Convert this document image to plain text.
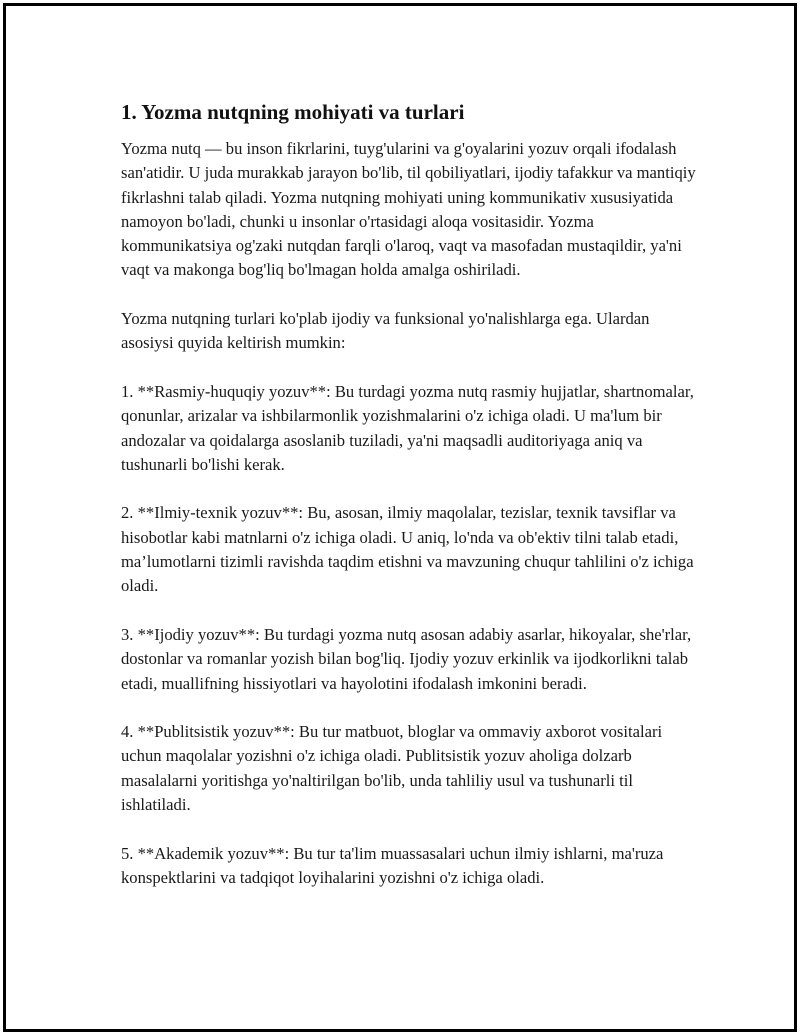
1. Yozma nutqning mohiyati va turlari

Yozma nutq — bu inson fikrlarini, tuyg'ularini va g'oyalarini yozuv orqali ifodalash san'atidir. U juda murakkab jarayon bo'lib, til qobiliyatlari, ijodiy tafakkur va mantiqiy fikrlashni talab qiladi. Yozma nutqning mohiyati uning kommunikativ xususiyatida namoyon bo'ladi, chunki u insonlar o'rtasidagi aloqa vositasidir. Yozma kommunikatsiya og'zaki nutqdan farqli o'laroq, vaqt va masofadan mustaqildir, ya'ni vaqt va makonga bog'liq bo'lmagan holda amalga oshiriladi.

Yozma nutqning turlari ko'plab ijodiy va funksional yo'nalishlarga ega. Ulardan asosiysi quyida keltirish mumkin:

1. **Rasmiy-huquqiy yozuv**: Bu turdagi yozma nutq rasmiy hujjatlar, shartnomalar, qonunlar, arizalar va ishbilarmonlik yozishmalarini o'z ichiga oladi. U ma'lum bir andozalar va qoidalarga asoslanib tuziladi, ya'ni maqsadli auditoriyaga aniq va tushunarli bo'lishi kerak.

2. **Ilmiy-texnik yozuv**: Bu, asosan, ilmiy maqolalar, tezislar, texnik tavsiflar va hisobotlar kabi matnlarni o'z ichiga oladi. U aniq, lo'nda va ob'ektiv tilni talab etadi, ma’lumotlarni tizimli ravishda taqdim etishni va mavzuning chuqur tahlilini o'z ichiga oladi.

3. **Ijodiy yozuv**: Bu turdagi yozma nutq asosan adabiy asarlar, hikoyalar, she'rlar, dostonlar va romanlar yozish bilan bog'liq. Ijodiy yozuv erkinlik va ijodkorlikni talab etadi, muallifning hissiyotlari va hayolotini ifodalash imkonini beradi.

4. **Publitsistik yozuv**: Bu tur matbuot, bloglar va ommaviy axborot vositalari uchun maqolalar yozishni o'z ichiga oladi. Publitsistik yozuv aholiga dolzarb masalalarni yoritishga yo'naltirilgan bo'lib, unda tahliliy usul va tushunarli til ishlatiladi.

5. **Akademik yozuv**: Bu tur ta'lim muassasalari uchun ilmiy ishlarni, ma'ruza konspektlarini va tadqiqot loyihalarini yozishni o'z ichiga oladi.
